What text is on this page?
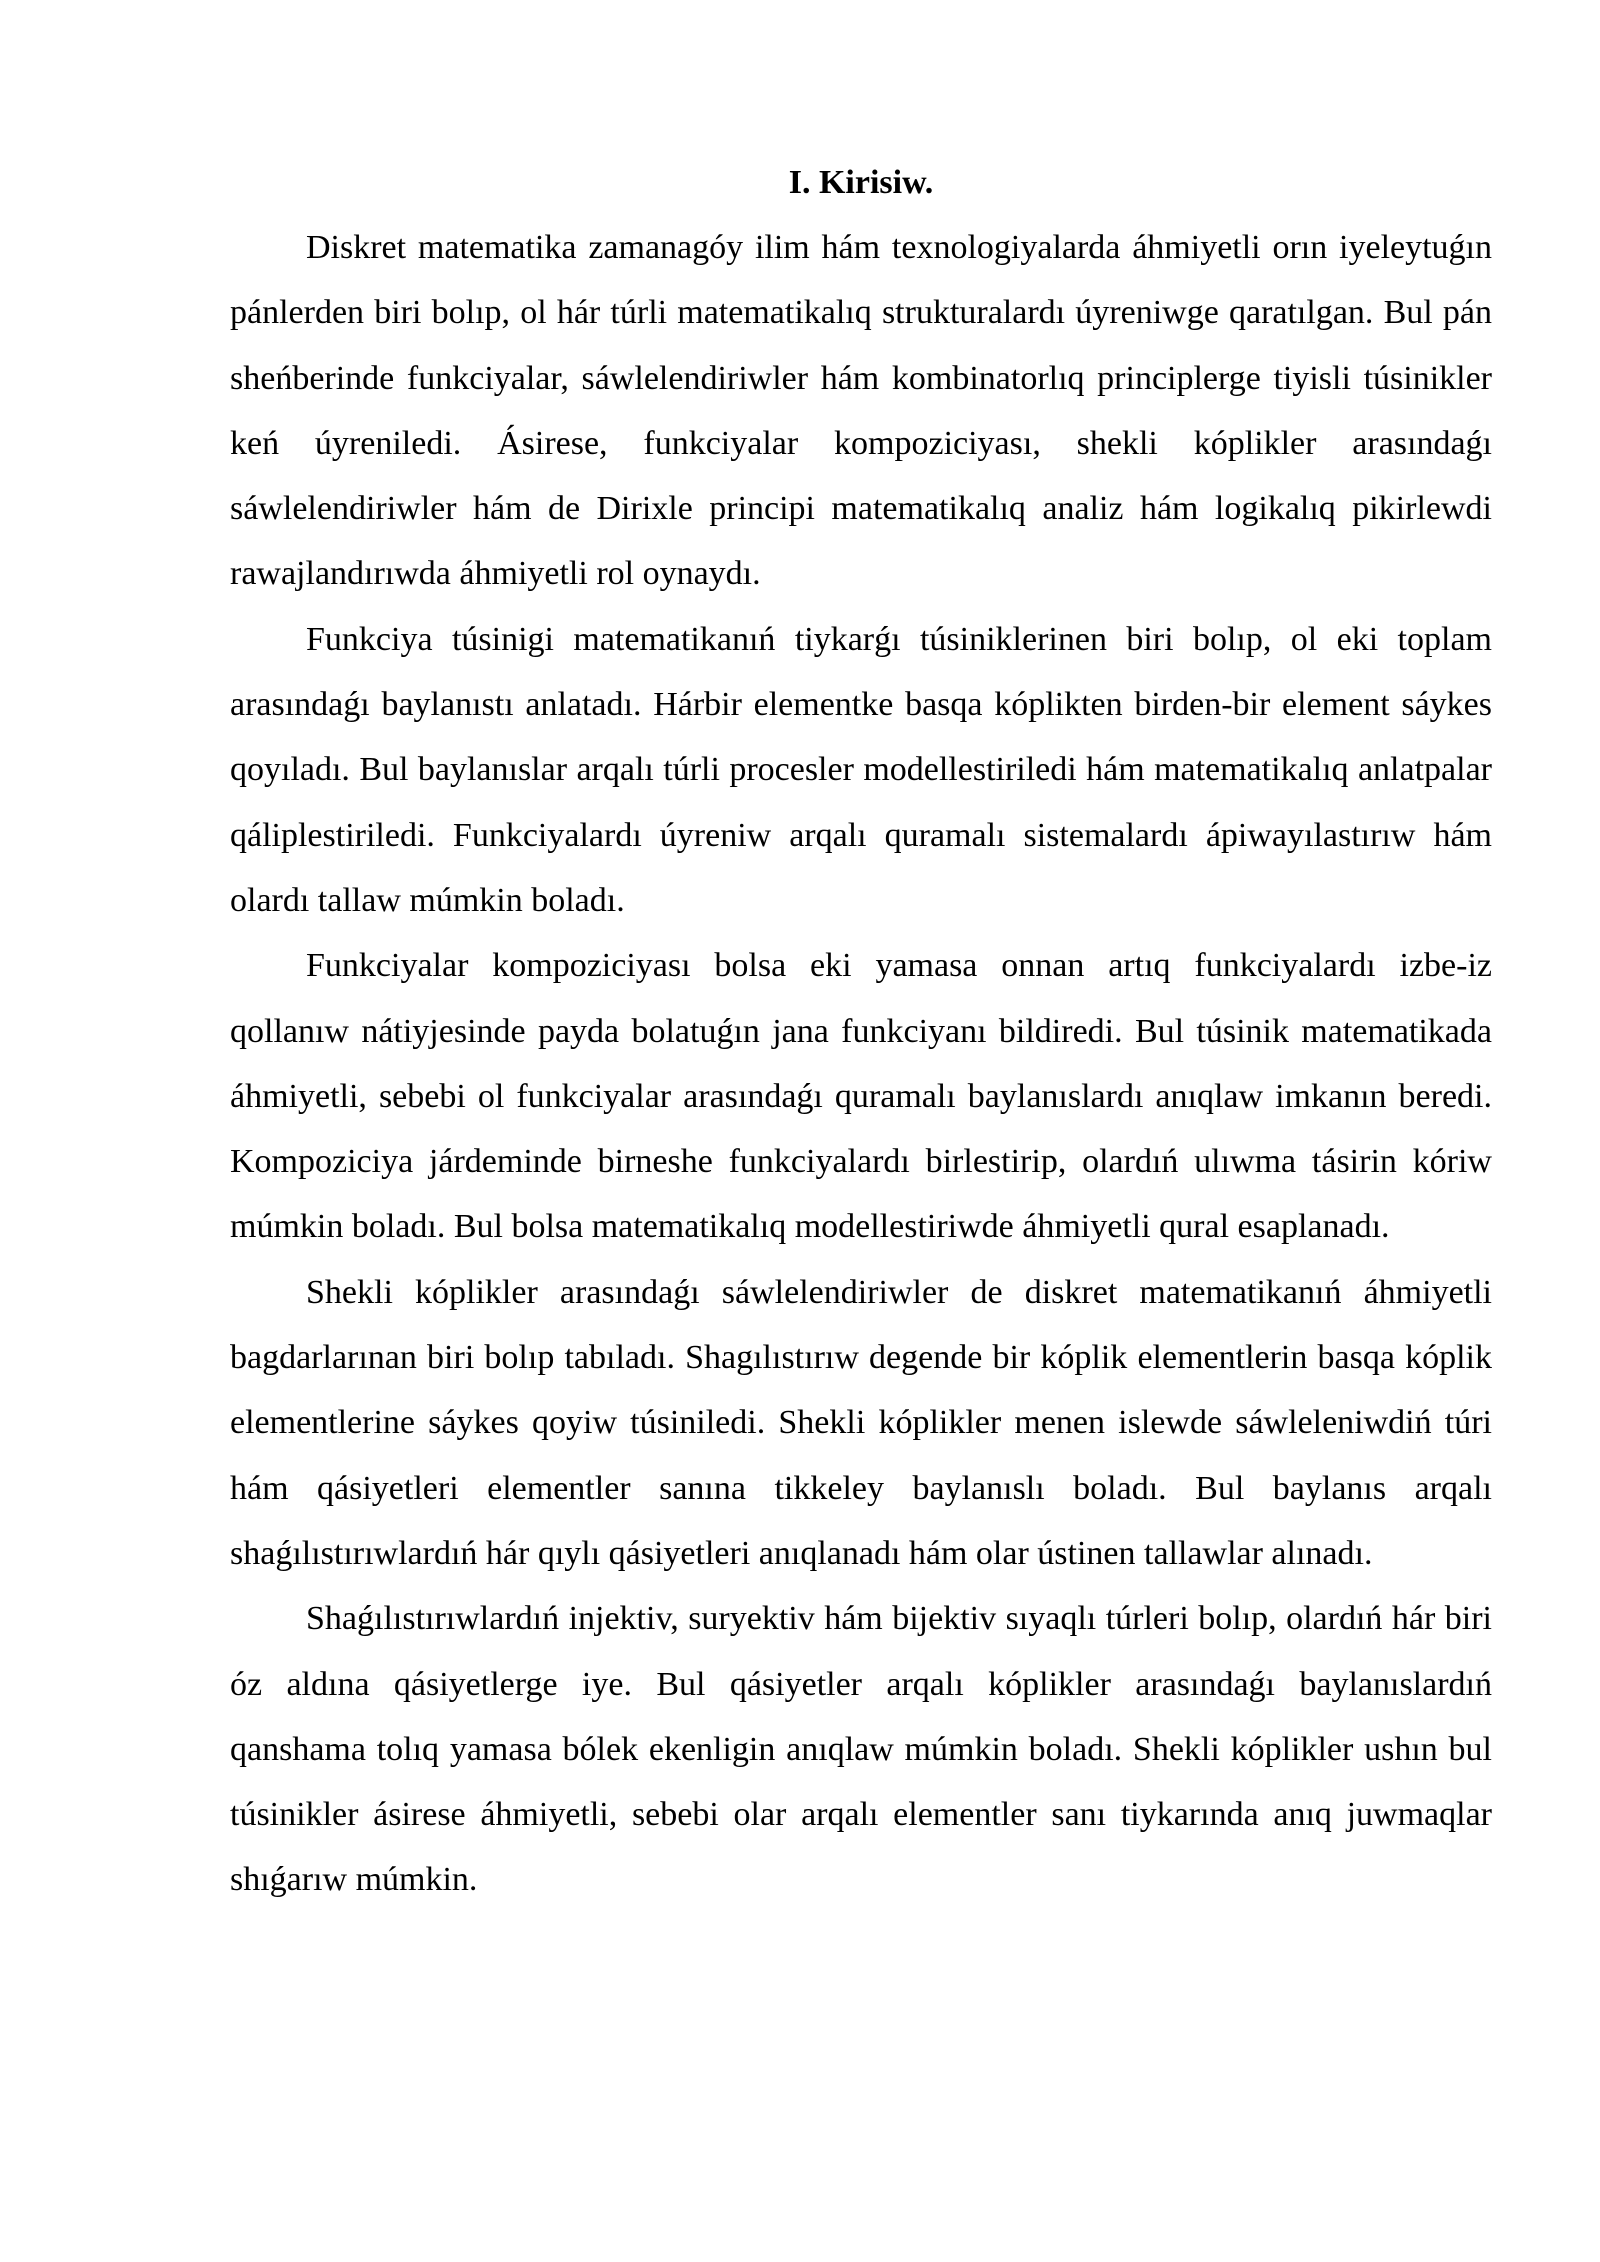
I. Kirisiw.

Diskret matematika zamanagóy ilim hám texnologiyalarda áhmiyetli orın iyeleytuǵın pánlerden biri bolıp, ol hár túrli matematikalıq strukturalardı úyreniwge qaratılgan. Bul pán sheńberinde funkciyalar, sáwlelendiriwler hám kombinatorlıq principlerge tiyisli túsinikler keń úyreniledi. Ásirese, funkciyalar kompoziciyası, shekli kóplikler arasındaǵı sáwlelendiriwler hám de Dirixle principi matematikalıq analiz hám logikalıq pikirlewdi rawajlandırıwda áhmiyetli rol oynaydı.

Funkciya túsinigi matematikanıń tiykarǵı túsiniklerinen biri bolıp, ol eki toplam arasındaǵı baylanıstı anlatadı. Hárbir elementke basqa kóplikten birden-bir element sáykes qoyıladı. Bul baylanıslar arqalı túrli procesler modellestiriledi hám matematikalıq anlatpalar qáliplestiriledi. Funkciyalardı úyreniw arqalı quramalı sistemalardı ápiwayılastırıw hám olardı tallaw múmkin boladı.

Funkciyalar kompoziciyası bolsa eki yamasa onnan artıq funkciyalardı izbe-iz qollanıw nátiyjesinde payda bolatuǵın jana funkciyanı bildiredi. Bul túsinik matematikada áhmiyetli, sebebi ol funkciyalar arasındaǵı quramalı baylanıslardı anıqlaw imkanın beredi. Kompoziciya járdeminde birneshe funkciyalardı birlestirip, olardıń ulıwma tásirin kóriw múmkin boladı. Bul bolsa matematikalıq modellestiriwde áhmiyetli qural esaplanadı.

Shekli kóplikler arasındaǵı sáwlelendiriwler de diskret matematikanıń áhmiyetli bagdarlarınan biri bolıp tabıladı. Shagılıstırıw degende bir kóplik elementlerin basqa kóplik elementlerine sáykes qoyiw túsiniledi. Shekli kóplikler menen islewde sáwleleniwdiń túri hám qásiyetleri elementler sanına tikkeley baylanıslı boladı. Bul baylanıs arqalı shaǵılıstırıwlardıń hár qıylı qásiyetleri anıqlanadı hám olar ústinen tallawlar alınadı.

Shaǵılıstırıwlardıń injektiv, suryektiv hám bijektiv sıyaqlı túrleri bolıp, olardıń hár biri óz aldına qásiyetlerge iye. Bul qásiyetler arqalı kóplikler arasındaǵı baylanıslardıń qanshama tolıq yamasa bólek ekenligin anıqlaw múmkin boladı. Shekli kóplikler ushın bul túsinikler ásirese áhmiyetli, sebebi olar arqalı elementler sanı tiykarında anıq juwmaqlar shıǵarıw múmkin.
